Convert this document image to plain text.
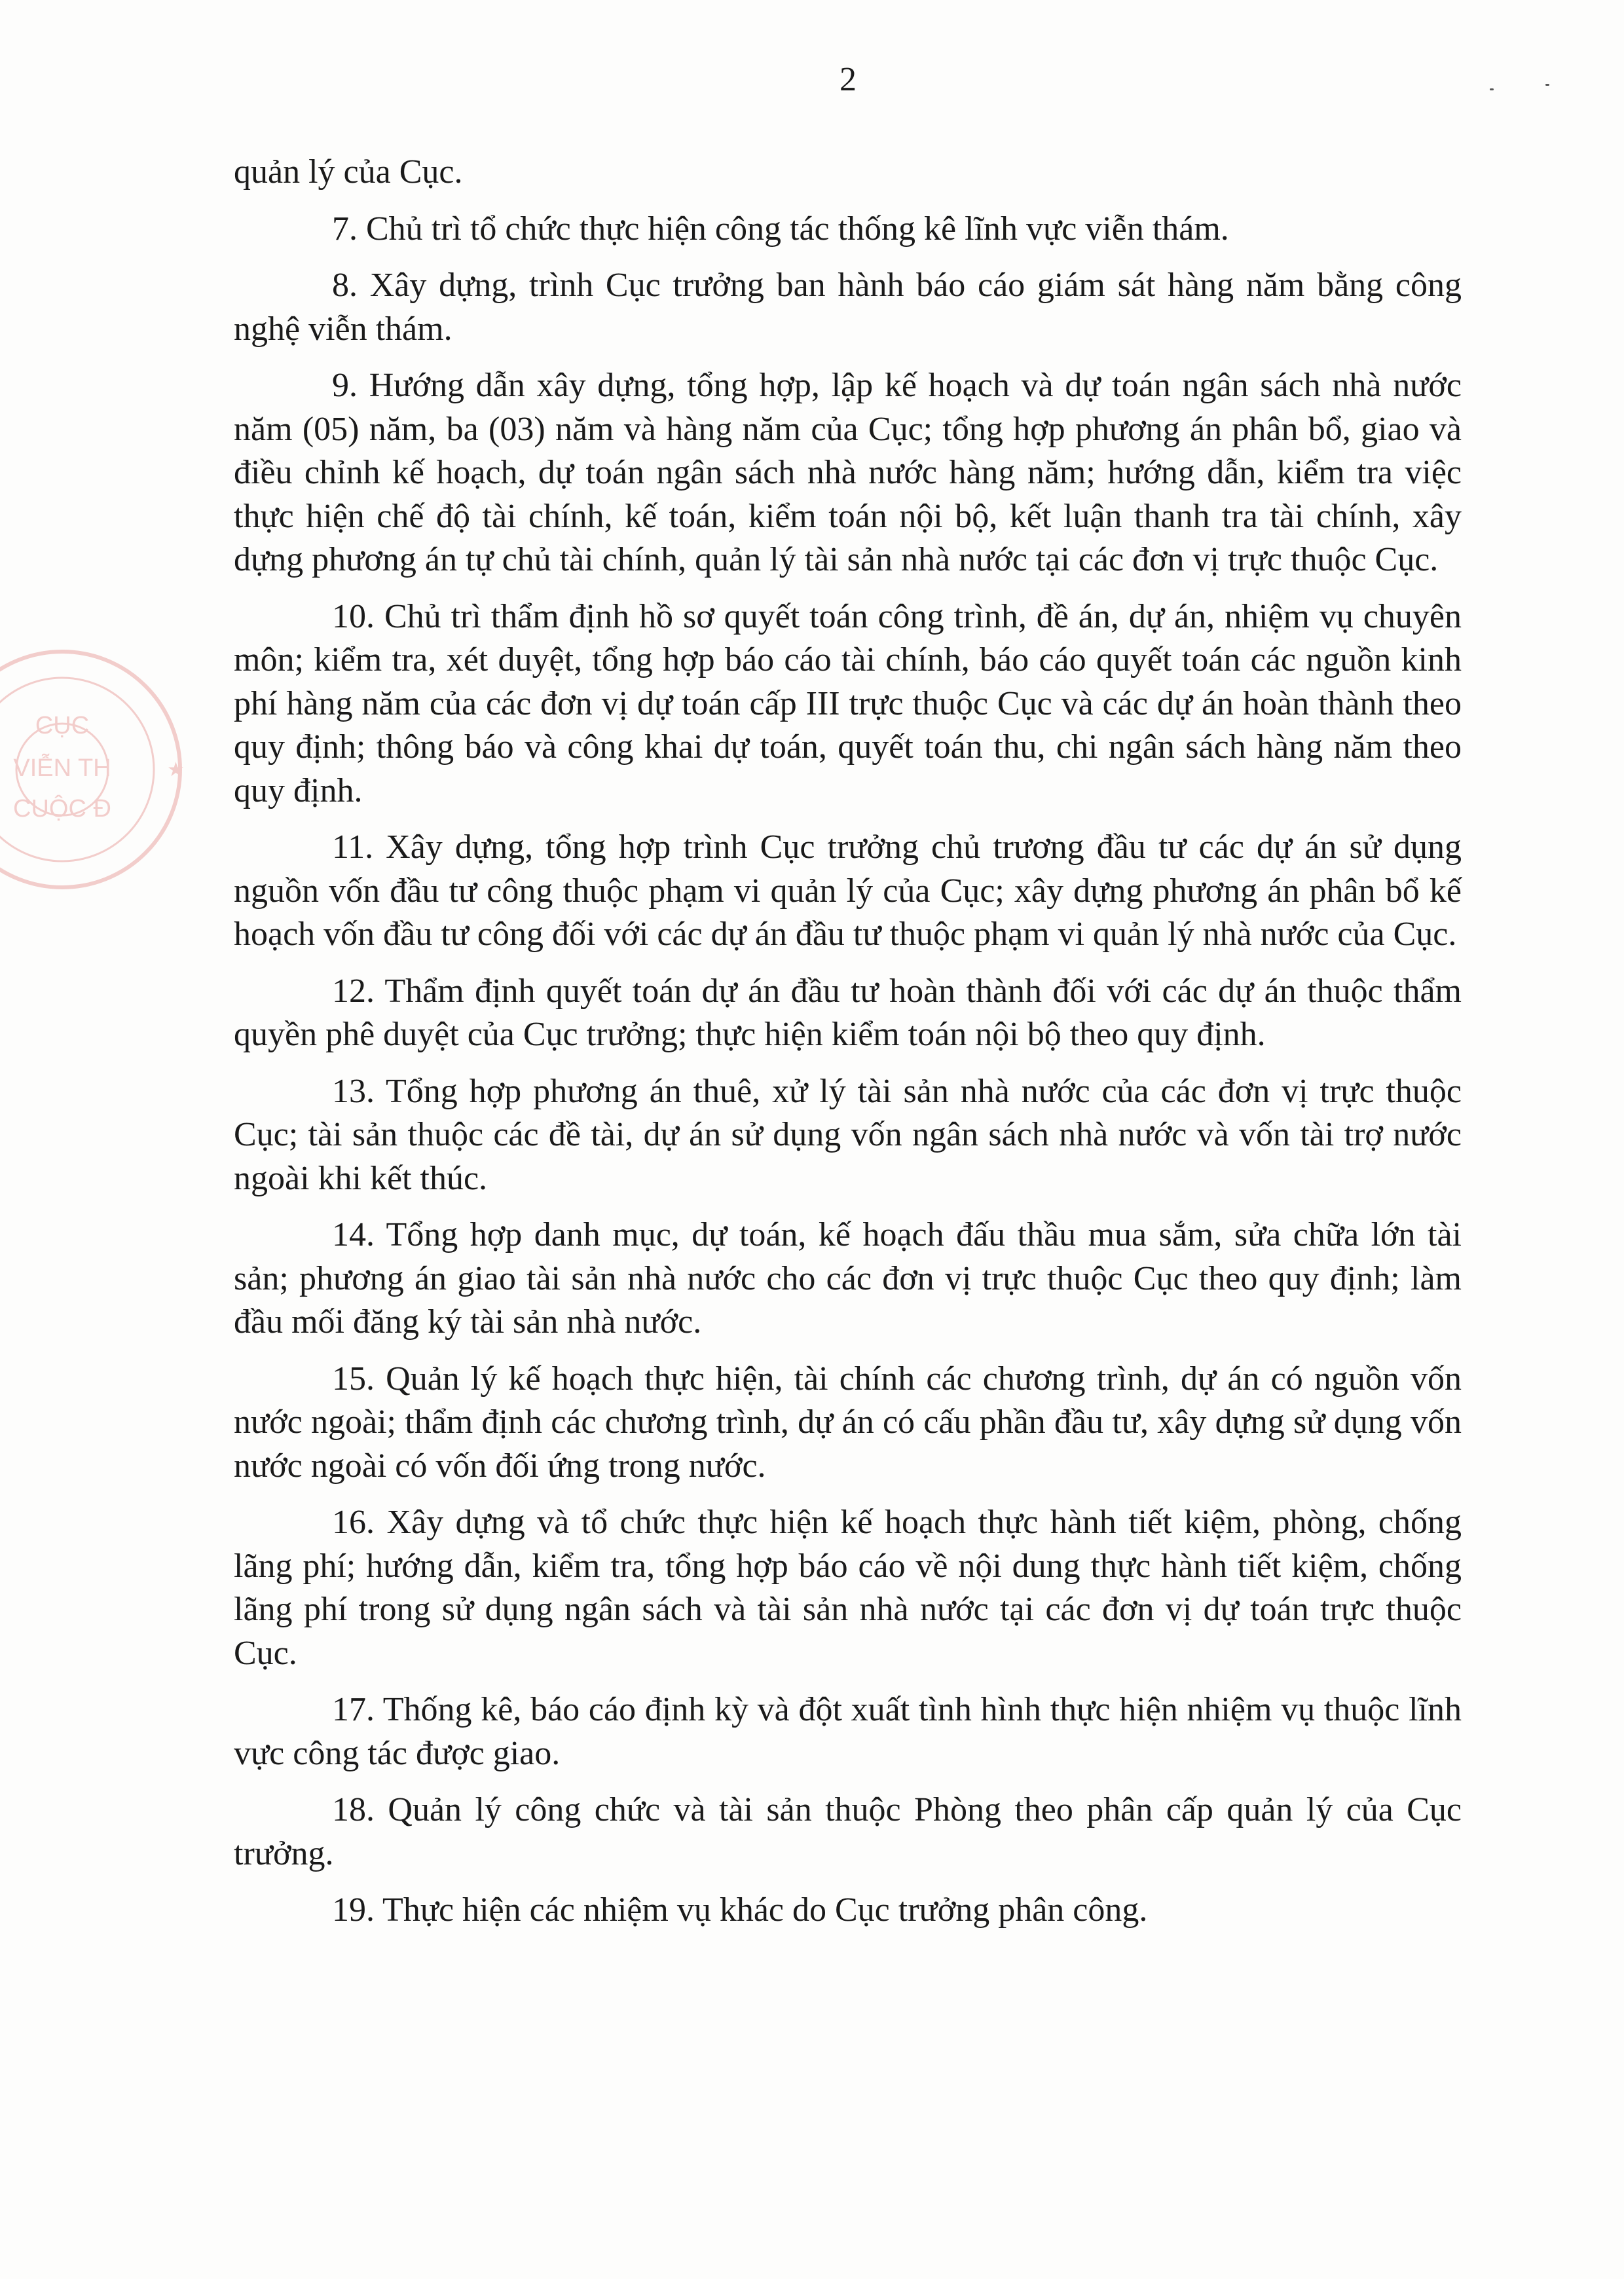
CỤC
VIỄN TH
CUỘC Đ
★
2

quản lý của Cục.

7. Chủ trì tổ chức thực hiện công tác thống kê lĩnh vực viễn thám.

8. Xây dựng, trình Cục trưởng ban hành báo cáo giám sát hàng năm bằng công nghệ viễn thám.

9. Hướng dẫn xây dựng, tổng hợp, lập kế hoạch và dự toán ngân sách nhà nước năm (05) năm, ba (03) năm và hàng năm của Cục; tổng hợp phương án phân bổ, giao và điều chỉnh kế hoạch, dự toán ngân sách nhà nước hàng năm; hướng dẫn, kiểm tra việc thực hiện chế độ tài chính, kế toán, kiểm toán nội bộ, kết luận thanh tra tài chính, xây dựng phương án tự chủ tài chính, quản lý tài sản nhà nước tại các đơn vị trực thuộc Cục.

10. Chủ trì thẩm định hồ sơ quyết toán công trình, đề án, dự án, nhiệm vụ chuyên môn; kiểm tra, xét duyệt, tổng hợp báo cáo tài chính, báo cáo quyết toán các nguồn kinh phí hàng năm của các đơn vị dự toán cấp III trực thuộc Cục và các dự án hoàn thành theo quy định; thông báo và công khai dự toán, quyết toán thu, chi ngân sách hàng năm theo quy định.

11. Xây dựng, tổng hợp trình Cục trưởng chủ trương đầu tư các dự án sử dụng nguồn vốn đầu tư công thuộc phạm vi quản lý của Cục; xây dựng phương án phân bổ kế hoạch vốn đầu tư công đối với các dự án đầu tư thuộc phạm vi quản lý nhà nước của Cục.

12. Thẩm định quyết toán dự án đầu tư hoàn thành đối với các dự án thuộc thẩm quyền phê duyệt của Cục trưởng; thực hiện kiểm toán nội bộ theo quy định.

13. Tổng hợp phương án thuê, xử lý tài sản nhà nước của các đơn vị trực thuộc Cục; tài sản thuộc các đề tài, dự án sử dụng vốn ngân sách nhà nước và vốn tài trợ nước ngoài khi kết thúc.

14. Tổng hợp danh mục, dự toán, kế hoạch đấu thầu mua sắm, sửa chữa lớn tài sản; phương án giao tài sản nhà nước cho các đơn vị trực thuộc Cục theo quy định; làm đầu mối đăng ký tài sản nhà nước.

15. Quản lý kế hoạch thực hiện, tài chính các chương trình, dự án có nguồn vốn nước ngoài; thẩm định các chương trình, dự án có cấu phần đầu tư, xây dựng sử dụng vốn nước ngoài có vốn đối ứng trong nước.

16. Xây dựng và tổ chức thực hiện kế hoạch thực hành tiết kiệm, phòng, chống lãng phí; hướng dẫn, kiểm tra, tổng hợp báo cáo về nội dung thực hành tiết kiệm, chống lãng phí trong sử dụng ngân sách và tài sản nhà nước tại các đơn vị dự toán trực thuộc Cục.

17. Thống kê, báo cáo định kỳ và đột xuất tình hình thực hiện nhiệm vụ thuộc lĩnh vực công tác được giao.

18. Quản lý công chức và tài sản thuộc Phòng theo phân cấp quản lý của Cục trưởng.

19. Thực hiện các nhiệm vụ khác do Cục trưởng phân công.
